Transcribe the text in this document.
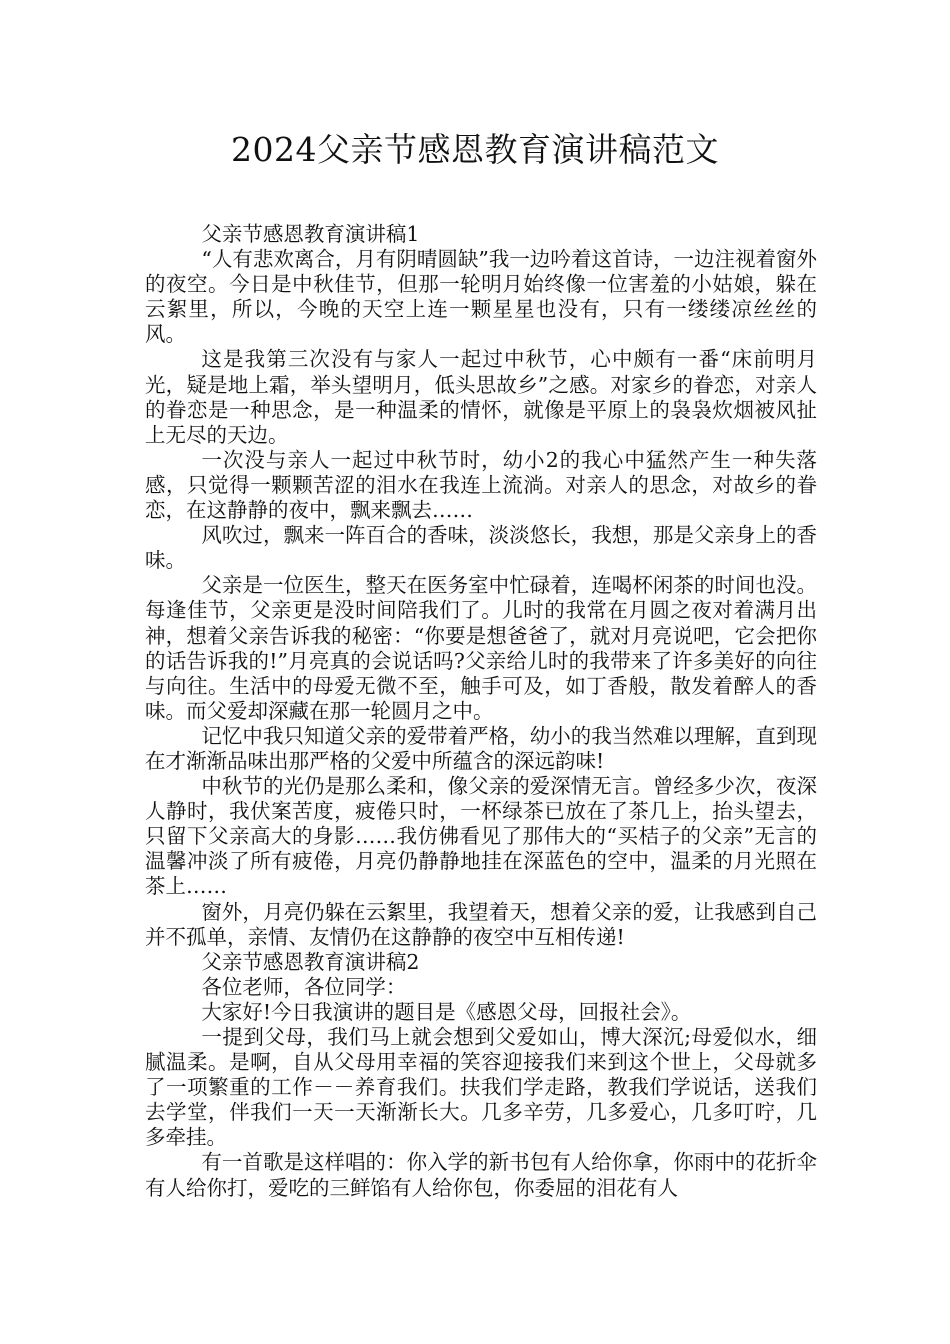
2024父亲节感恩教育演讲稿范文

父亲节感恩教育演讲稿1

“人有悲欢离合，月有阴晴圆缺”我一边吟着这首诗，一边注视着窗外的夜空。今日是中秋佳节，但那一轮明月始终像一位害羞的小姑娘，躲在云絮里，所以，今晚的天空上连一颗星星也没有，只有一缕缕凉丝丝的风。

这是我第三次没有与家人一起过中秋节，心中颇有一番“床前明月光，疑是地上霜，举头望明月，低头思故乡”之感。对家乡的眷恋，对亲人的眷恋是一种思念，是一种温柔的情怀，就像是平原上的袅袅炊烟被风扯上无尽的天边。

一次没与亲人一起过中秋节时，幼小2的我心中猛然产生一种失落感，只觉得一颗颗苦涩的泪水在我连上流淌。对亲人的思念，对故乡的眷恋，在这静静的夜中，飘来飘去……

风吹过，飘来一阵百合的香味，淡淡悠长，我想，那是父亲身上的香味。

父亲是一位医生，整天在医务室中忙碌着，连喝杯闲茶的时间也没。每逢佳节，父亲更是没时间陪我们了。儿时的我常在月圆之夜对着满月出神，想着父亲告诉我的秘密：“你要是想爸爸了，就对月亮说吧，它会把你的话告诉我的!”月亮真的会说话吗?父亲给儿时的我带来了许多美好的向往与向往。生活中的母爱无微不至，触手可及，如丁香般，散发着醉人的香味。而父爱却深藏在那一轮圆月之中。

记忆中我只知道父亲的爱带着严格，幼小的我当然难以理解，直到现在才渐渐品味出那严格的父爱中所蕴含的深远韵味!

中秋节的光仍是那么柔和，像父亲的爱深情无言。曾经多少次，夜深人静时，我伏案苦度，疲倦只时，一杯绿茶已放在了茶几上，抬头望去，只留下父亲高大的身影……我仿佛看见了那伟大的“买桔子的父亲”无言的温馨冲淡了所有疲倦，月亮仍静静地挂在深蓝色的空中，温柔的月光照在茶上……

窗外，月亮仍躲在云絮里，我望着天，想着父亲的爱，让我感到自己并不孤单，亲情、友情仍在这静静的夜空中互相传递!

父亲节感恩教育演讲稿2

各位老师，各位同学：

大家好!今日我演讲的题目是《感恩父母，回报社会》。

一提到父母，我们马上就会想到父爱如山，博大深沉;母爱似水，细腻温柔。是啊，自从父母用幸福的笑容迎接我们来到这个世上，父母就多了一项繁重的工作－－养育我们。扶我们学走路，教我们学说话，送我们去学堂，伴我们一天一天渐渐长大。几多辛劳，几多爱心，几多叮咛，几多牵挂。

有一首歌是这样唱的：你入学的新书包有人给你拿，你雨中的花折伞有人给你打，爱吃的三鲜馅有人给你包，你委屈的泪花有人
